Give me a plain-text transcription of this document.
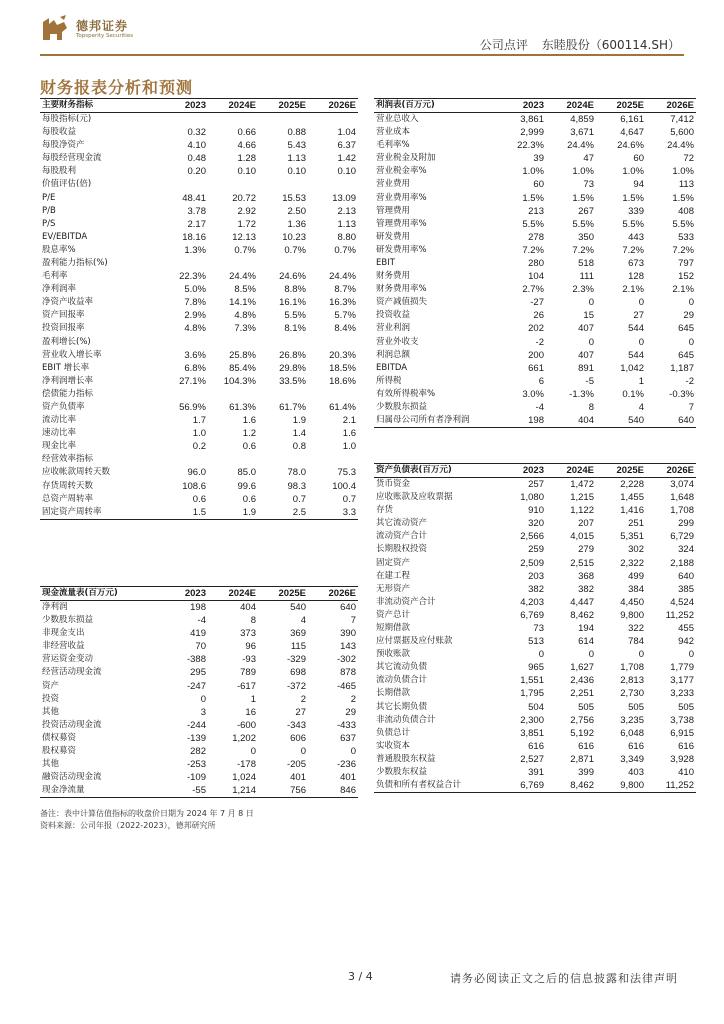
德邦证券
Topsperity Securities
公司点评 东睦股份（600114.SH）
财务报表分析和预测
主要财务指标	2023	2024E	2025E	2026E
每股指标(元)				
每股收益	0.32	0.66	0.88	1.04
每股净资产	4.10	4.66	5.43	6.37
每股经营现金流	0.48	1.28	1.13	1.42
每股股利	0.20	0.10	0.10	0.10
价值评估(倍)				
P/E	48.41	20.72	15.53	13.09
P/B	3.78	2.92	2.50	2.13
P/S	2.17	1.72	1.36	1.13
EV/EBITDA	18.16	12.13	10.23	8.80
股息率%	1.3%	0.7%	0.7%	0.7%
盈利能力指标(%)				
毛利率	22.3%	24.4%	24.6%	24.4%
净利润率	5.0%	8.5%	8.8%	8.7%
净资产收益率	7.8%	14.1%	16.1%	16.3%
资产回报率	2.9%	4.8%	5.5%	5.7%
投资回报率	4.8%	7.3%	8.1%	8.4%
盈利增长(%)				
营业收入增长率	3.6%	25.8%	26.8%	20.3%
EBIT 增长率	6.8%	85.4%	29.8%	18.5%
净利润增长率	27.1%	104.3%	33.5%	18.6%
偿债能力指标				
资产负债率	56.9%	61.3%	61.7%	61.4%
流动比率	1.7	1.6	1.9	2.1
速动比率	1.0	1.2	1.4	1.6
现金比率	0.2	0.6	0.8	1.0
经营效率指标				
应收帐款周转天数	96.0	85.0	78.0	75.3
存货周转天数	108.6	99.6	98.3	100.4
总资产周转率	0.6	0.6	0.7	0.7
固定资产周转率	1.5	1.9	2.5	3.3
利润表(百万元)	2023	2024E	2025E	2026E
营业总收入	3,861	4,859	6,161	7,412
营业成本	2,999	3,671	4,647	5,600
毛利率%	22.3%	24.4%	24.6%	24.4%
营业税金及附加	39	47	60	72
营业税金率%	1.0%	1.0%	1.0%	1.0%
营业费用	60	73	94	113
营业费用率%	1.5%	1.5%	1.5%	1.5%
管理费用	213	267	339	408
管理费用率%	5.5%	5.5%	5.5%	5.5%
研发费用	278	350	443	533
研发费用率%	7.2%	7.2%	7.2%	7.2%
EBIT	280	518	673	797
财务费用	104	111	128	152
财务费用率%	2.7%	2.3%	2.1%	2.1%
资产减值损失	-27	0	0	0
投资收益	26	15	27	29
营业利润	202	407	544	645
营业外收支	-2	0	0	0
利润总额	200	407	544	645
EBITDA	661	891	1,042	1,187
所得税	6	-5	1	-2
有效所得税率%	3.0%	-1.3%	0.1%	-0.3%
少数股东损益	-4	8	4	7
归属母公司所有者净利润	198	404	540	640
资产负债表(百万元)	2023	2024E	2025E	2026E
货币资金	257	1,472	2,228	3,074
应收账款及应收票据	1,080	1,215	1,455	1,648
存货	910	1,122	1,416	1,708
其它流动资产	320	207	251	299
流动资产合计	2,566	4,015	5,351	6,729
长期股权投资	259	279	302	324
固定资产	2,509	2,515	2,322	2,188
在建工程	203	368	499	640
无形资产	382	382	384	385
非流动资产合计	4,203	4,447	4,450	4,524
资产总计	6,769	8,462	9,800	11,252
短期借款	73	194	322	455
应付票据及应付账款	513	614	784	942
预收账款	0	0	0	0
其它流动负债	965	1,627	1,708	1,779
流动负债合计	1,551	2,436	2,813	3,177
长期借款	1,795	2,251	2,730	3,233
其它长期负债	504	505	505	505
非流动负债合计	2,300	2,756	3,235	3,738
负债总计	3,851	5,192	6,048	6,915
实收资本	616	616	616	616
普通股股东权益	2,527	2,871	3,349	3,928
少数股东权益	391	399	403	410
负债和所有者权益合计	6,769	8,462	9,800	11,252
现金流量表(百万元)	2023	2024E	2025E	2026E
净利润	198	404	540	640
少数股东损益	-4	8	4	7
非现金支出	419	373	369	390
非经营收益	70	96	115	143
营运资金变动	-388	-93	-329	-302
经营活动现金流	295	789	698	878
资产	-247	-617	-372	-465
投资	0	1	2	2
其他	3	16	27	29
投资活动现金流	-244	-600	-343	-433
债权募资	-139	1,202	606	637
股权募资	282	0	0	0
其他	-253	-178	-205	-236
融资活动现金流	-109	1,024	401	401
现金净流量	-55	1,214	756	846
备注：表中计算估值指标的收盘价日期为 2024 年 7 月 8 日
资料来源：公司年报（2022-2023），德邦研究所
3 / 4	请务必阅读正文之后的信息披露和法律声明
